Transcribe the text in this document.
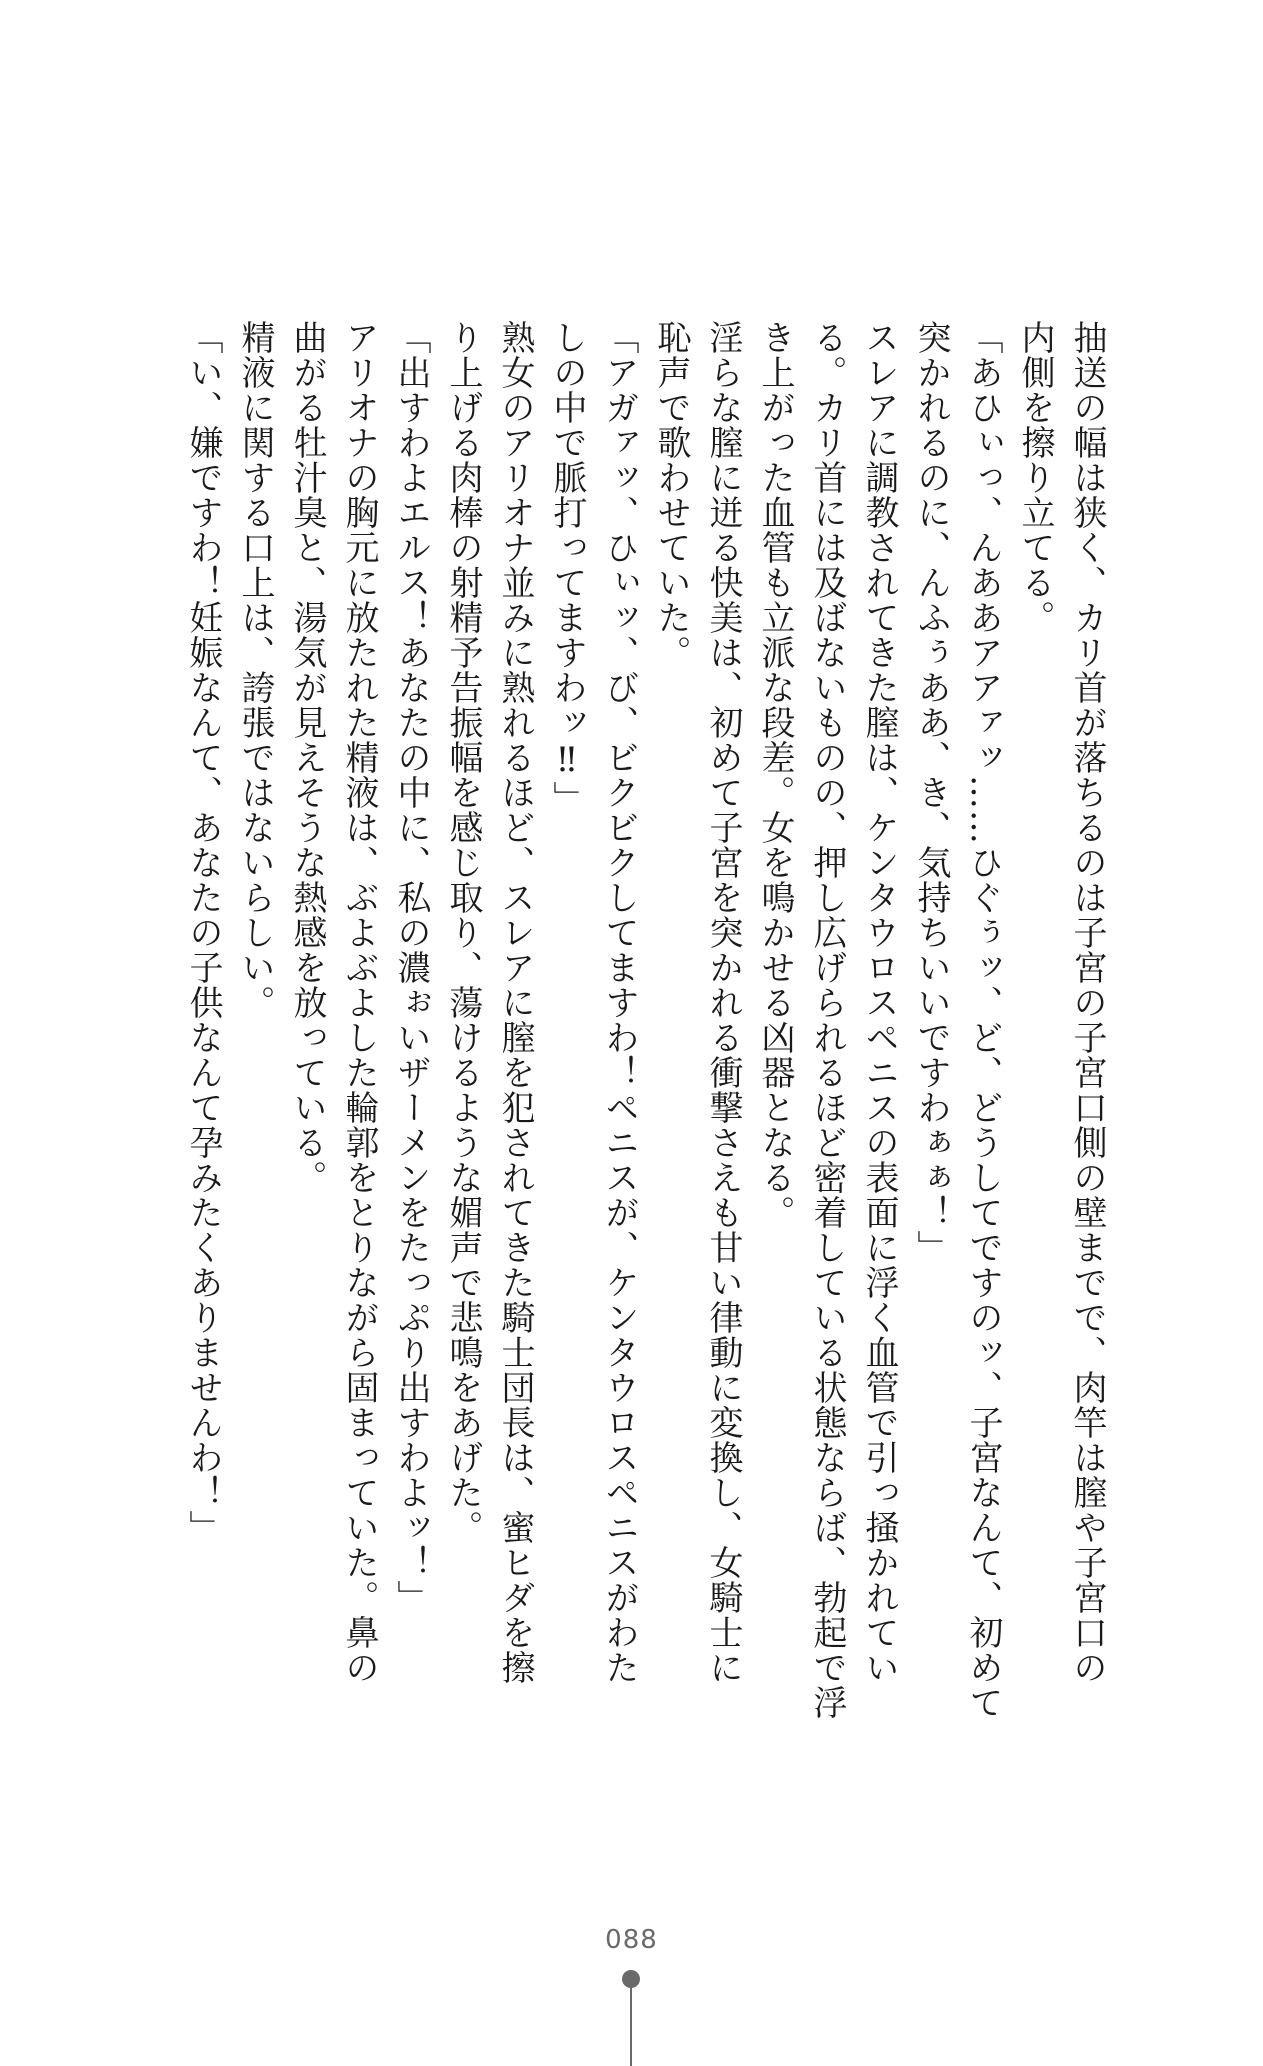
抽送の幅は狭く、カリ首が落ちるのは子宮の子宮口側の壁までで、肉竿は膣や子宮口の

内側を擦り立てる。

「あひぃっ、んああアアァッ……ひぐぅッ、ど、どうしてですのッ、子宮なんて、初めて

突かれるのに、んふぅああ、き、気持ちいいですわぁぁ！」

スレアに調教されてきた膣は、ケンタウロスペニスの表面に浮く血管で引っ掻かれてい

る。カリ首には及ばないものの、押し広げられるほど密着している状態ならば、勃起で浮

き上がった血管も立派な段差。女を鳴かせる凶器となる。

淫らな膣に迸る快美は、初めて子宮を突かれる衝撃さえも甘い律動に変換し、女騎士に

恥声で歌わせていた。

「アガァッ、ひぃッ、び、ビクビクしてますわ！ペニスが、ケンタウロスペニスがわた

しの中で脈打ってますわッ‼」

熟女のアリオナ並みに熟れるほど、スレアに膣を犯されてきた騎士団長は、蜜ヒダを擦

り上げる肉棒の射精予告振幅を感じ取り、蕩けるような媚声で悲鳴をあげた。

「出すわよエルス！あなたの中に、私の濃ぉいザーメンをたっぷり出すわよッ！」

アリオナの胸元に放たれた精液は、ぶよぶよした輪郭をとりながら固まっていた。鼻の

曲がる牡汁臭と、湯気が見えそうな熱感を放っている。

精液に関する口上は、誇張ではないらしい。

「い、嫌ですわ！妊娠なんて、あなたの子供なんて孕みたくありませんわ！」

088
